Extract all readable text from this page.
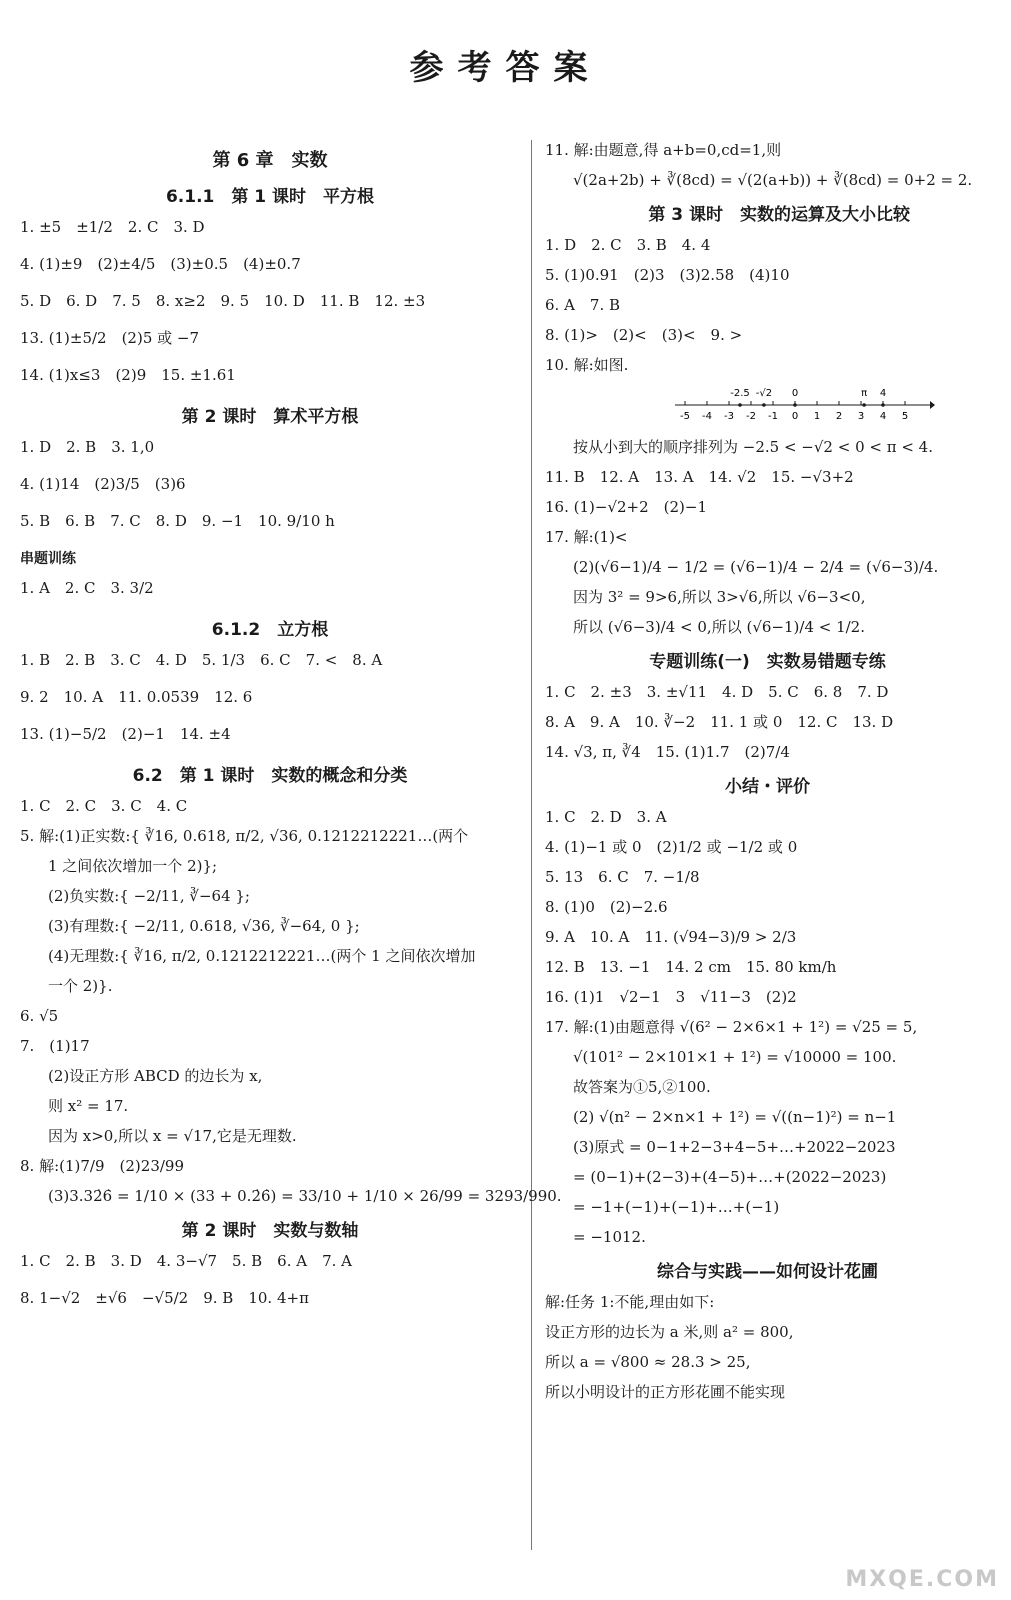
参考答案
第 6 章　实数
6.1.1　第 1 课时　平方根
1. ±5　±1/2　2. C　3. D
4. (1)±9　(2)±4/5　(3)±0.5　(4)±0.7
5. D　6. D　7. 5　8. x≥2　9. 5　10. D　11. B　12. ±3
13. (1)±5/2　(2)5 或 −7
14. (1)x≤3　(2)9　15. ±1.61
第 2 课时　算术平方根
1. D　2. B　3. 1,0
4. (1)14　(2)3/5　(3)6
5. B　6. B　7. C　8. D　9. −1　10. 9/10 h
串题训练
1. A　2. C　3. 3/2
6.1.2　立方根
1. B　2. B　3. C　4. D　5. 1/3　6. C　7. <　8. A
9. 2　10. A　11. 0.0539　12. 6
13. (1)−5/2　(2)−1　14. ±4
6.2　第 1 课时　实数的概念和分类
1. C　2. C　3. C　4. C
5. 解:(1)正实数:{ ∛16, 0.618, π/2, √36, 0.1212212221…(两个
1 之间依次增加一个 2)};
(2)负实数:{ −2/11, ∛−64 };
(3)有理数:{ −2/11, 0.618, √36, ∛−64, 0 };
(4)无理数:{ ∛16, π/2, 0.1212212221…(两个 1 之间依次增加
一个 2)}.
6. √5
7.　(1)17
(2)设正方形 ABCD 的边长为 x,
则 x² = 17.
因为 x>0,所以 x = √17,它是无理数.
8. 解:(1)7/9　(2)23/99
(3)3.32̇6̇ = 1/10 × (33 + 0.2̇6̇) = 33/10 + 1/10 × 26/99 = 3293/990.
第 2 课时　实数与数轴
1. C　2. B　3. D　4. 3−√7　5. B　6. A　7. A
8. 1−√2　±√6　−√5/2　9. B　10. 4+π
11. 解:由题意,得 a+b=0,cd=1,则
√(2a+2b) + ∛(8cd) = √(2(a+b)) + ∛(8cd) = 0+2 = 2.
第 3 课时　实数的运算及大小比较
1. D　2. C　3. B　4. 4
5. (1)0.91　(2)3　(3)2.58　(4)10
6. A　7. B
8. (1)>　(2)<　(3)<　9. >
10. 解:如图.
-5 -4 -3 -2 -1 0 1 2 3 4 5
-2.5 -√2 0	π 4
按从小到大的顺序排列为 −2.5 < −√2 < 0 < π < 4.
11. B　12. A　13. A　14. √2　15. −√3+2
16. (1)−√2+2　(2)−1
17. 解:(1)<
(2)(√6−1)/4 − 1/2 = (√6−1)/4 − 2/4 = (√6−3)/4.
因为 3² = 9>6,所以 3>√6,所以 √6−3<0,
所以 (√6−3)/4 < 0,所以 (√6−1)/4 < 1/2.
专题训练(一)　实数易错题专练
1. C　2. ±3　3. ±√11　4. D　5. C　6. 8　7. D
8. A　9. A　10. ∛−2　11. 1 或 0　12. C　13. D
14. √3, π, ∛4　15. (1)1.7　(2)7/4
小结・评价
1. C　2. D　3. A
4. (1)−1 或 0　(2)1/2 或 −1/2 或 0
5. 13　6. C　7. −1/8
8. (1)0　(2)−2.6
9. A　10. A　11. (√94−3)/9 > 2/3
12. B　13. −1　14. 2 cm　15. 80 km/h
16. (1)1　√2−1　3　√11−3　(2)2
17. 解:(1)由题意得 √(6² − 2×6×1 + 1²) = √25 = 5,
√(101² − 2×101×1 + 1²) = √10000 = 100.
故答案为①5,②100.
(2) √(n² − 2×n×1 + 1²) = √((n−1)²) = n−1
(3)原式 = 0−1+2−3+4−5+…+2022−2023
= (0−1)+(2−3)+(4−5)+…+(2022−2023)
= −1+(−1)+(−1)+…+(−1)
= −1012.
综合与实践——如何设计花圃
解:任务 1:不能,理由如下:
设正方形的边长为 a 米,则 a² = 800,
所以 a = √800 ≈ 28.3 > 25,
所以小明设计的正方形花圃不能实现
MXQE.COM
